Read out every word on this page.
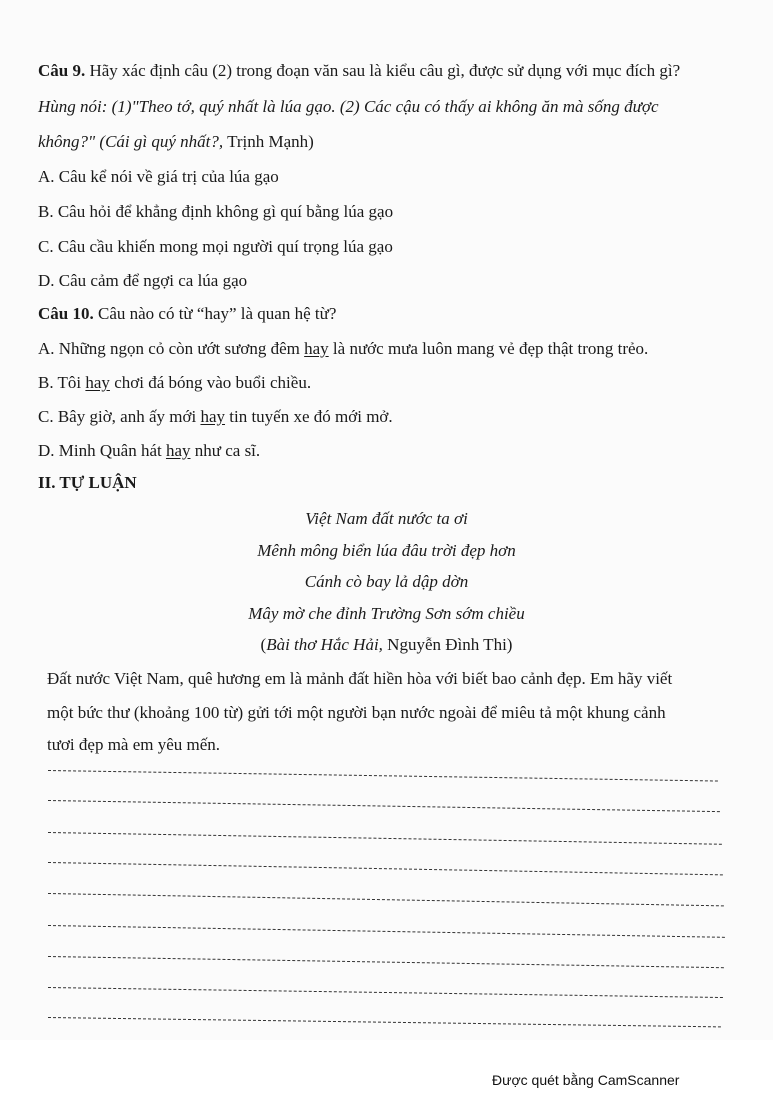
Câu 9. Hãy xác định câu (2) trong đoạn văn sau là kiểu câu gì, được sử dụng với mục đích gì?
Hùng nói: (1)"Theo tớ, quý nhất là lúa gạo. (2) Các cậu có thấy ai không ăn mà sống được
không?" (Cái gì quý nhất?, Trịnh Mạnh)
A. Câu kể nói về giá trị của lúa gạo
B. Câu hỏi để khẳng định không gì quí bằng lúa gạo
C. Câu cầu khiến mong mọi người quí trọng lúa gạo
D. Câu cảm để ngợi ca lúa gạo
Câu 10. Câu nào có từ “hay” là quan hệ từ?
A. Những ngọn cỏ còn ướt sương đêm hay là nước mưa luôn mang vẻ đẹp thật trong trẻo.
B. Tôi hay chơi đá bóng vào buổi chiều.
C. Bây giờ, anh ấy mới hay tin tuyến xe đó mới mở.
D. Minh Quân hát hay như ca sĩ.
II. TỰ LUẬN
Việt Nam đất nước ta ơi
Mênh mông biển lúa đâu trời đẹp hơn
Cánh cò bay lả dập dờn
Mây mờ che đỉnh Trường Sơn sớm chiều
(Bài thơ Hắc Hải, Nguyễn Đình Thi)
Đất nước Việt Nam, quê hương em là mảnh đất hiền hòa với biết bao cảnh đẹp. Em hãy viết
một bức thư (khoảng 100 từ) gửi tới một người bạn nước ngoài để miêu tả một khung cảnh
tươi đẹp mà em yêu mến.
Được quét bằng CamScanner
